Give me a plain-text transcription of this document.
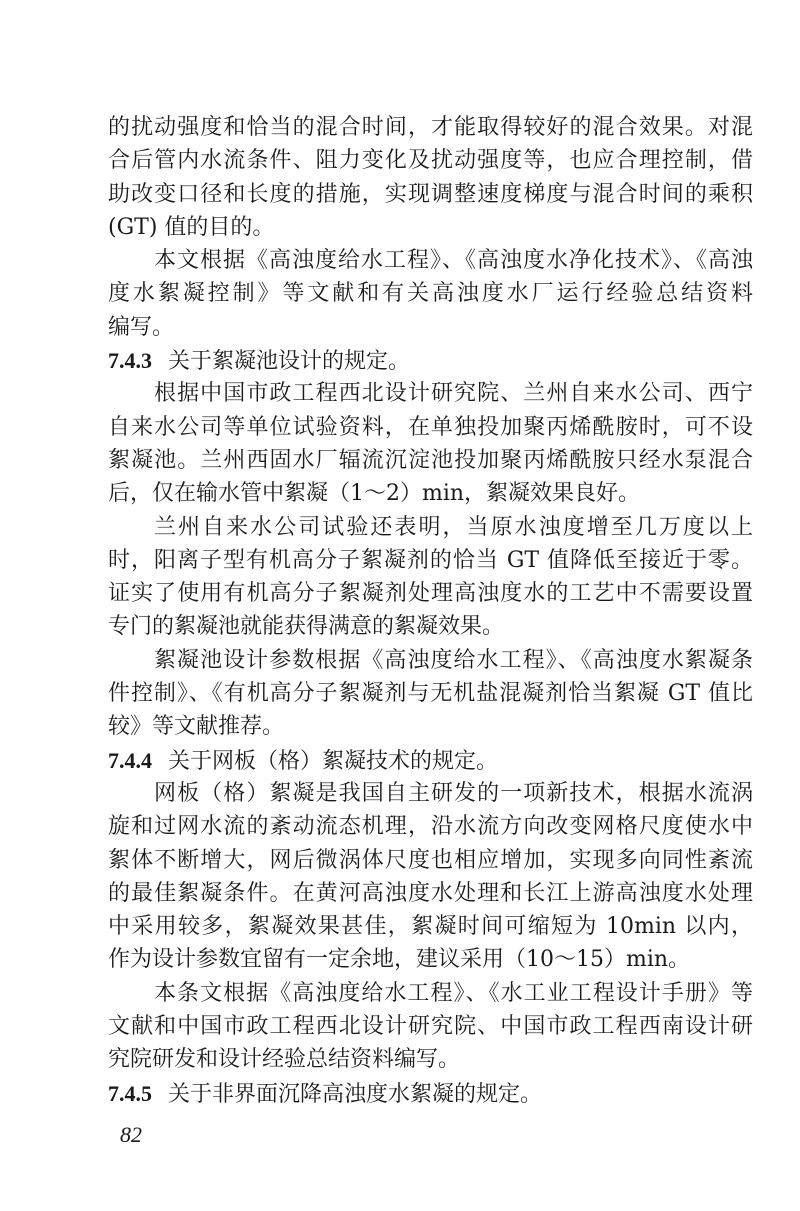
的扰动强度和恰当的混合时间，才能取得较好的混合效果。对混
合后管内水流条件、阻力变化及扰动强度等，也应合理控制，借
助改变口径和长度的措施，实现调整速度梯度与混合时间的乘积
(GT) 值的目的。
本文根据《高浊度给水工程》、《高浊度水净化技术》、《高浊
度水絮凝控制》等文献和有关高浊度水厂运行经验总结资料
编写。
7.4.3 关于絮凝池设计的规定。
根据中国市政工程西北设计研究院、兰州自来水公司、西宁
自来水公司等单位试验资料，在单独投加聚丙烯酰胺时，可不设
絮凝池。兰州西固水厂辐流沉淀池投加聚丙烯酰胺只经水泵混合
后，仅在输水管中絮凝（1～2）min，絮凝效果良好。
兰州自来水公司试验还表明，当原水浊度增至几万度以上
时，阳离子型有机高分子絮凝剂的恰当 GT 值降低至接近于零。
证实了使用有机高分子絮凝剂处理高浊度水的工艺中不需要设置
专门的絮凝池就能获得满意的絮凝效果。
絮凝池设计参数根据《高浊度给水工程》、《高浊度水絮凝条
件控制》、《有机高分子絮凝剂与无机盐混凝剂恰当絮凝 GT 值比
较》等文献推荐。
7.4.4 关于网板（格）絮凝技术的规定。
网板（格）絮凝是我国自主研发的一项新技术，根据水流涡
旋和过网水流的紊动流态机理，沿水流方向改变网格尺度使水中
絮体不断增大，网后微涡体尺度也相应增加，实现多向同性紊流
的最佳絮凝条件。在黄河高浊度水处理和长江上游高浊度水处理
中采用较多，絮凝效果甚佳，絮凝时间可缩短为 10min 以内，
作为设计参数宜留有一定余地，建议采用（10～15）min。
本条文根据《高浊度给水工程》、《水工业工程设计手册》等
文献和中国市政工程西北设计研究院、中国市政工程西南设计研
究院研发和设计经验总结资料编写。
7.4.5 关于非界面沉降高浊度水絮凝的规定。
82
